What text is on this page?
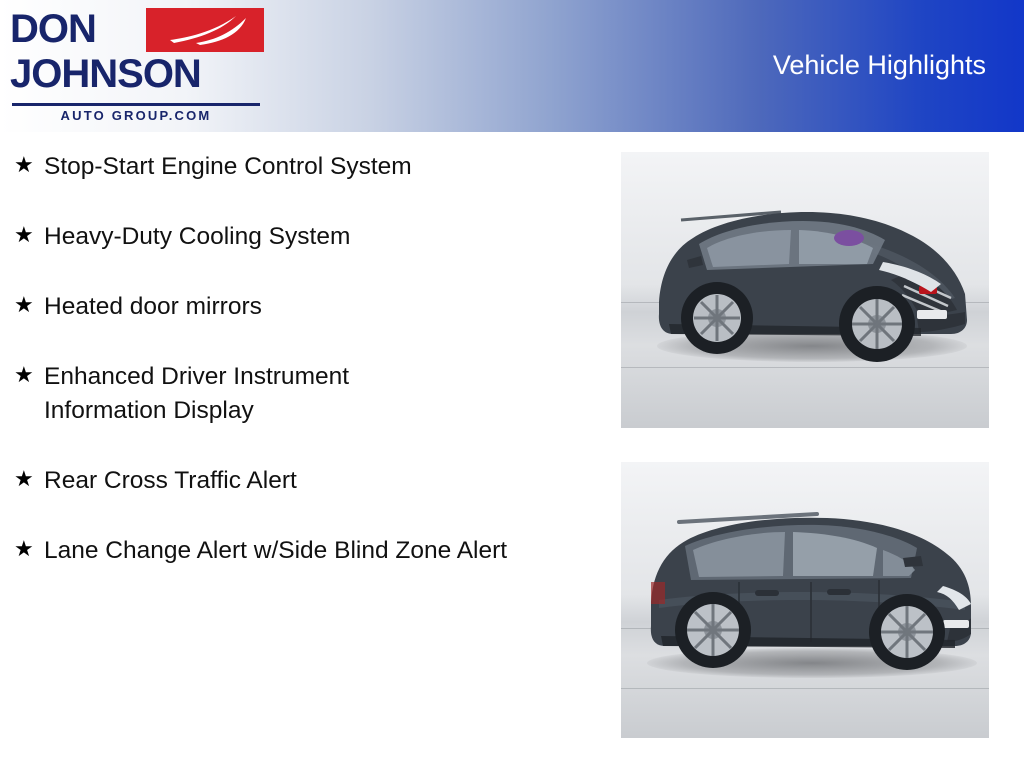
DON
JOHNSON
AUTO GROUP.COM
Vehicle Highlights
★ Stop-Start Engine Control System
★ Heavy-Duty Cooling System
★ Heated door mirrors
★ Enhanced Driver Instrument Information Display
★ Rear Cross Traffic Alert
★ Lane Change Alert w/Side Blind Zone Alert
